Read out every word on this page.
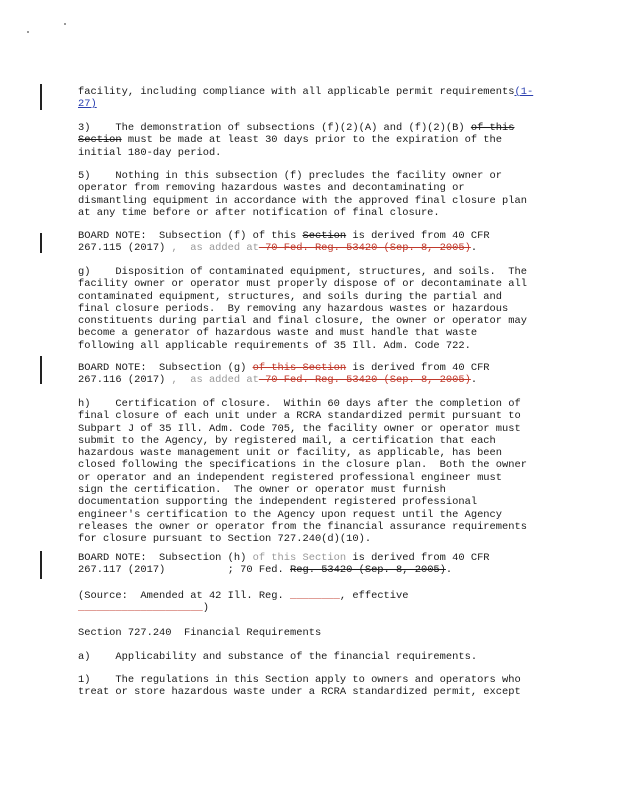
facility, including compliance with all applicable permit requirements(1-
27)

3)    The demonstration of subsections (f)(2)(A) and (f)(2)(B) of this
Section must be made at least 30 days prior to the expiration of the
initial 180-day period.

5)    Nothing in this subsection (f) precludes the facility owner or
operator from removing hazardous wastes and decontaminating or
dismantling equipment in accordance with the approved final closure plan
at any time before or after notification of final closure.

BOARD NOTE:  Subsection (f) of this Section is derived from 40 CFR
267.115 (2017) ,  as added at 70 Fed. Reg. 53420 (Sep. 8, 2005).

g)    Disposition of contaminated equipment, structures, and soils.  The
facility owner or operator must properly dispose of or decontaminate all
contaminated equipment, structures, and soils during the partial and
final closure periods.  By removing any hazardous wastes or hazardous
constituents during partial and final closure, the owner or operator may
become a generator of hazardous waste and must handle that waste
following all applicable requirements of 35 Ill. Adm. Code 722.

BOARD NOTE:  Subsection (g) of this Section is derived from 40 CFR
267.116 (2017) ,  as added at 70 Fed. Reg. 53420 (Sep. 8, 2005).

h)    Certification of closure.  Within 60 days after the completion of
final closure of each unit under a RCRA standardized permit pursuant to
Subpart J of 35 Ill. Adm. Code 705, the facility owner or operator must
submit to the Agency, by registered mail, a certification that each
hazardous waste management unit or facility, as applicable, has been
closed following the specifications in the closure plan.  Both the owner
or operator and an independent registered professional engineer must
sign the certification.  The owner or operator must furnish
documentation supporting the independent registered professional
engineer's certification to the Agency upon request until the Agency
releases the owner or operator from the financial assurance requirements
for closure pursuant to Section 727.240(d)(10).

BOARD NOTE:  Subsection (h) of this Section is derived from 40 CFR
267.117 (2017)          ; 70 Fed. Reg. 53420 (Sep. 8, 2005).

(Source:  Amended at 42 Ill. Reg. ________, effective
____________________)

Section 727.240  Financial Requirements

a)    Applicability and substance of the financial requirements.

1)    The regulations in this Section apply to owners and operators who
treat or store hazardous waste under a RCRA standardized permit, except
